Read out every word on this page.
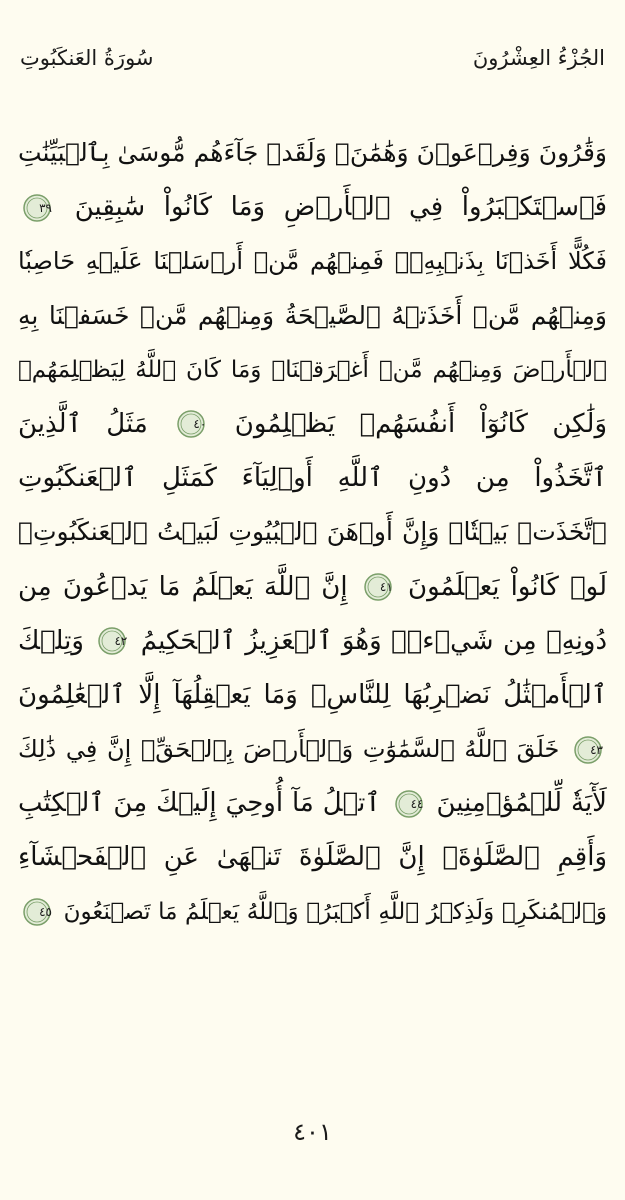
الجُزْءُ العِشْرُونَ
سُورَةُ العَنكَبُوتِ
وَقَٰرُونَ وَفِرۡعَوۡنَ وَهَٰمَٰنَۖ وَلَقَدۡ جَآءَهُم مُّوسَىٰ بِٱلۡبَيِّنَٰتِ
فَٱسۡتَكۡبَرُواْ فِي ٱلۡأَرۡضِ وَمَا كَانُواْ سَٰبِقِينَ
٣٩
فَكُلًّا أَخَذۡنَا بِذَنۢبِهِۦۖ فَمِنۡهُم مَّنۡ أَرۡسَلۡنَا عَلَيۡهِ حَاصِبٗا
وَمِنۡهُم مَّنۡ أَخَذَتۡهُ ٱلصَّيۡحَةُ وَمِنۡهُم مَّنۡ خَسَفۡنَا بِهِ
ٱلۡأَرۡضَ وَمِنۡهُم مَّنۡ أَغۡرَقۡنَاۚ وَمَا كَانَ ٱللَّهُ لِيَظۡلِمَهُمۡ
وَلَٰكِن كَانُوٓاْ أَنفُسَهُمۡ يَظۡلِمُونَ
٤٠
مَثَلُ ٱلَّذِينَ
ٱتَّخَذُواْ مِن دُونِ ٱللَّهِ أَوۡلِيَآءَ كَمَثَلِ ٱلۡعَنكَبُوتِ
ٱتَّخَذَتۡ بَيۡتٗاۖ وَإِنَّ أَوۡهَنَ ٱلۡبُيُوتِ لَبَيۡتُ ٱلۡعَنكَبُوتِۚ
لَوۡ كَانُواْ يَعۡلَمُونَ
٤١
إِنَّ ٱللَّهَ يَعۡلَمُ مَا يَدۡعُونَ مِن
دُونِهِۦ مِن شَيۡءٖۚ وَهُوَ ٱلۡعَزِيزُ ٱلۡحَكِيمُ
٤٢
وَتِلۡكَ
ٱلۡأَمۡثَٰلُ نَضۡرِبُهَا لِلنَّاسِۖ وَمَا يَعۡقِلُهَآ إِلَّا ٱلۡعَٰلِمُونَ
٤٣
خَلَقَ ٱللَّهُ ٱلسَّمَٰوَٰتِ وَٱلۡأَرۡضَ بِٱلۡحَقِّۚ إِنَّ فِي ذَٰلِكَ
لَأٓيَةٗ لِّلۡمُؤۡمِنِينَ
٤٤
ٱتۡلُ مَآ أُوحِيَ إِلَيۡكَ مِنَ ٱلۡكِتَٰبِ
وَأَقِمِ ٱلصَّلَوٰةَۖ إِنَّ ٱلصَّلَوٰةَ تَنۡهَىٰ عَنِ ٱلۡفَحۡشَآءِ
وَٱلۡمُنكَرِۗ وَلَذِكۡرُ ٱللَّهِ أَكۡبَرُۗ وَٱللَّهُ يَعۡلَمُ مَا تَصۡنَعُونَ
٤٥
٤٠١
